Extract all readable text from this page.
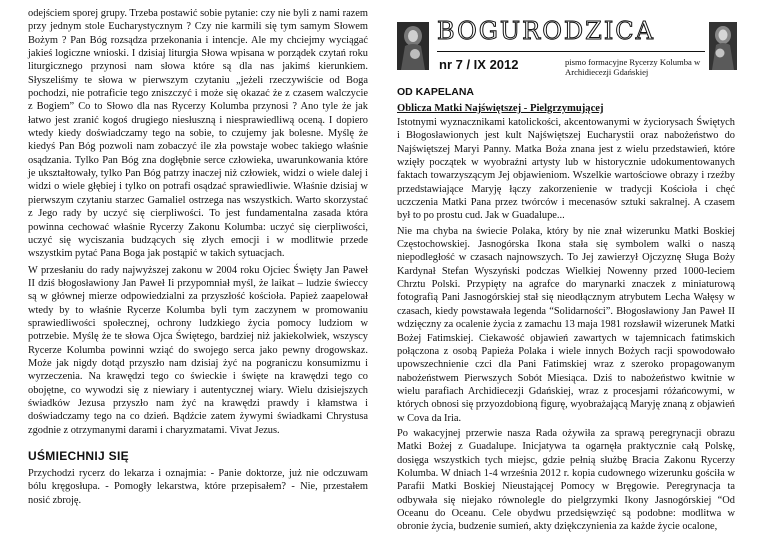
odejściem sporej grupy. Trzeba postawić sobie pytanie: czy nie byli z nami razem przy jednym stole Eucharystycznym ? Czy nie karmili się tym samym Słowem Bożym ? Pan Bóg rozsądza przekonania i intencje. Ale my chciejmy wyciągać jakieś logiczne wnioski. I dzisiaj liturgia Słowa wpisana w porządek czytań roku liturgicznego przynosi nam słowa które są dla nas jakimś kierunkiem. Słyszeliśmy te słowa w pierwszym czytaniu „jeżeli rzeczywiście od Boga pochodzi, nie potraficie tego zniszczyć i może się okazać że z czasem walczycie z Bogiem” Co to Słowo dla nas Rycerzy Kolumba przynosi ? Ano tyle że jak łatwo jest zranić kogoś drugiego niesłuszną i niesprawiedliwą oceną. I dopiero wtedy kiedy doświadczamy tego na sobie, to czujemy jak bolesne. Myślę że kiedyś Pan Bóg pozwoli nam zobaczyć ile zła powstaje wobec takiego właśnie osądzania. Tylko Pan Bóg zna dogłębnie serce człowieka, uwarunkowania które je ukształtowały, tylko Pan Bóg patrzy inaczej niż człowiek, widzi o wiele dalej i widzi o wiele głębiej i tylko on potrafi osądzać sprawiedliwie. Właśnie dzisiaj w pierwszym czytaniu starzec Gamaliel ostrzega nas wszystkich. Warto skorzystać z Jego rady by uczyć się cierpliwości. To jest fundamentalna zasada która powinna cechować właśnie Rycerzy Zakonu Kolumba: uczyć się cierpliwości, uczyć się wyciszania budzących się złych emocji i w modlitwie przede wszystkim pytać Pana Boga jak postąpić w takich sytuacjach.

W przesłaniu do rady najwyższej zakonu w 2004 roku Ojciec Święty Jan Paweł II dziś błogosławiony Jan Paweł Ii przypomniał myśl, że laikat – ludzie świeccy są w głównej mierze odpowiedzialni za przyszłość kościoła. Papież zaapelował wtedy by to właśnie Rycerze Kolumba byli tym zaczynem w promowaniu sprawiedliwości społecznej, ochrony ludzkiego życia pomocy ludziom w potrzebie. Myślę że te słowa Ojca Świętego, bardziej niż jakiekolwiek, wszyscy Rycerze Kolumba powinni wziąć do swojego serca jako pewny drogowskaz. Może jak nigdy dotąd przyszło nam dzisiaj żyć na pograniczu konsumizmu i wyrzeczenia. Na krawędzi tego co świeckie i święte na krawędzi tego co obojętne, co wywodzi się z niewiary i autentycznej wiary. Wielu dzisiejszych świadków Jezusa przyszło nam żyć na krawędzi prawdy i kłamstwa i doświadczamy tego na co dzień. Bądźcie zatem żywymi świadkami Chrystusa zgodnie z otrzymanymi darami i charyzmatami. Vivat Jezus.

UŚMIECHNIJ SIĘ

Przychodzi rycerz do lekarza i oznajmia: - Panie doktorze, już nie odczuwam bólu kręgosłupa. - Pomogły lekarstwa, które przepisałem? - Nie, przestałem nosić zbroję.

BOGURODZICA
nr 7 / IX 2012	pismo formacyjne Rycerzy Kolumba w Archidiecezji Gdańskiej
OD KAPELANA
Oblicza Matki Najświętszej - Pielgrzymującej

Istotnymi wyznacznikami katolickości, akcentowanymi w życiorysach Świętych i Błogosławionych jest kult Najświętszej Eucharystii oraz nabożeństwo do Najświętszej Maryi Panny. Matka Boża znana jest z wielu przedstawień, które wzięły początek w wyobraźni artysty lub w historycznie udokumentowanych faktach towarzyszącym Jej objawieniom. Wszelkie wartościowe obrazy i rzeźby przedstawiające Maryję łączy zakorzenienie w tradycji Kościoła i chęć uczczenia Matki Pana przez twórców i mecenasów sztuki sakralnej. A czasem był to po prostu cud. Jak w Guadalupe...

Nie ma chyba na świecie Polaka, który by nie znał wizerunku Matki Boskiej Częstochowskiej. Jasnogórska Ikona stała się symbolem walki o naszą niepodległość w czasach najnowszych. To Jej zawierzył Ojczyznę Sługa Boży Kardynał Stefan Wyszyński podczas Wielkiej Nowenny przed 1000-leciem Chrztu Polski. Przypięty na agrafce do marynarki znaczek z miniaturową fotografią Pani Jasnogórskiej stał się nieodłącznym atrybutem Lecha Wałęsy w czasach, kiedy powstawała legenda “Solidarności”. Błogosławiony Jan Paweł II wdzięczny za ocalenie życia z zamachu 13 maja 1981 rozsławił wizerunek Matki Bożej Fatimskiej. Ciekawość objawień zawartych w tajemnicach fatimskich połączona z osobą Papieża Polaka i wiele innych Bożych racji spowodowało upowszechnienie czci dla Pani Fatimskiej wraz z szeroko propagowanym nabożeństwem Pierwszych Sobót Miesiąca. Dziś to nabożeństwo kwitnie w wielu parafiach Archidiecezji Gdańskiej, wraz z procesjami różańcowymi, w których obnosi się przyozdobioną figurę, wyobrażającą Maryję znaną z objawień w Cova da Iria.

Po wakacyjnej przerwie nasza Rada ożywiła za sprawą peregrynacji obrazu Matki Bożej z Guadalupe. Inicjatywa ta ogarnęła praktycznie całą Polskę, dosięga wszystkich tych miejsc, gdzie pełnią służbę Bracia Zakonu Rycerzy Kolumba. W dniach 1-4 września 2012 r. kopia cudownego wizerunku gościła w Parafii Matki Boskiej Nieustającej Pomocy w Bręgowie. Peregrynacja ta odbywała się niejako równolegle do pielgrzymki Ikony Jasnogórskiej “Od Oceanu do Oceanu. Cele obydwu przedsięwzięć są podobne: modlitwa w obronie życia, budzenie sumień, akty dziękczynienia za każde życie ocalone,
